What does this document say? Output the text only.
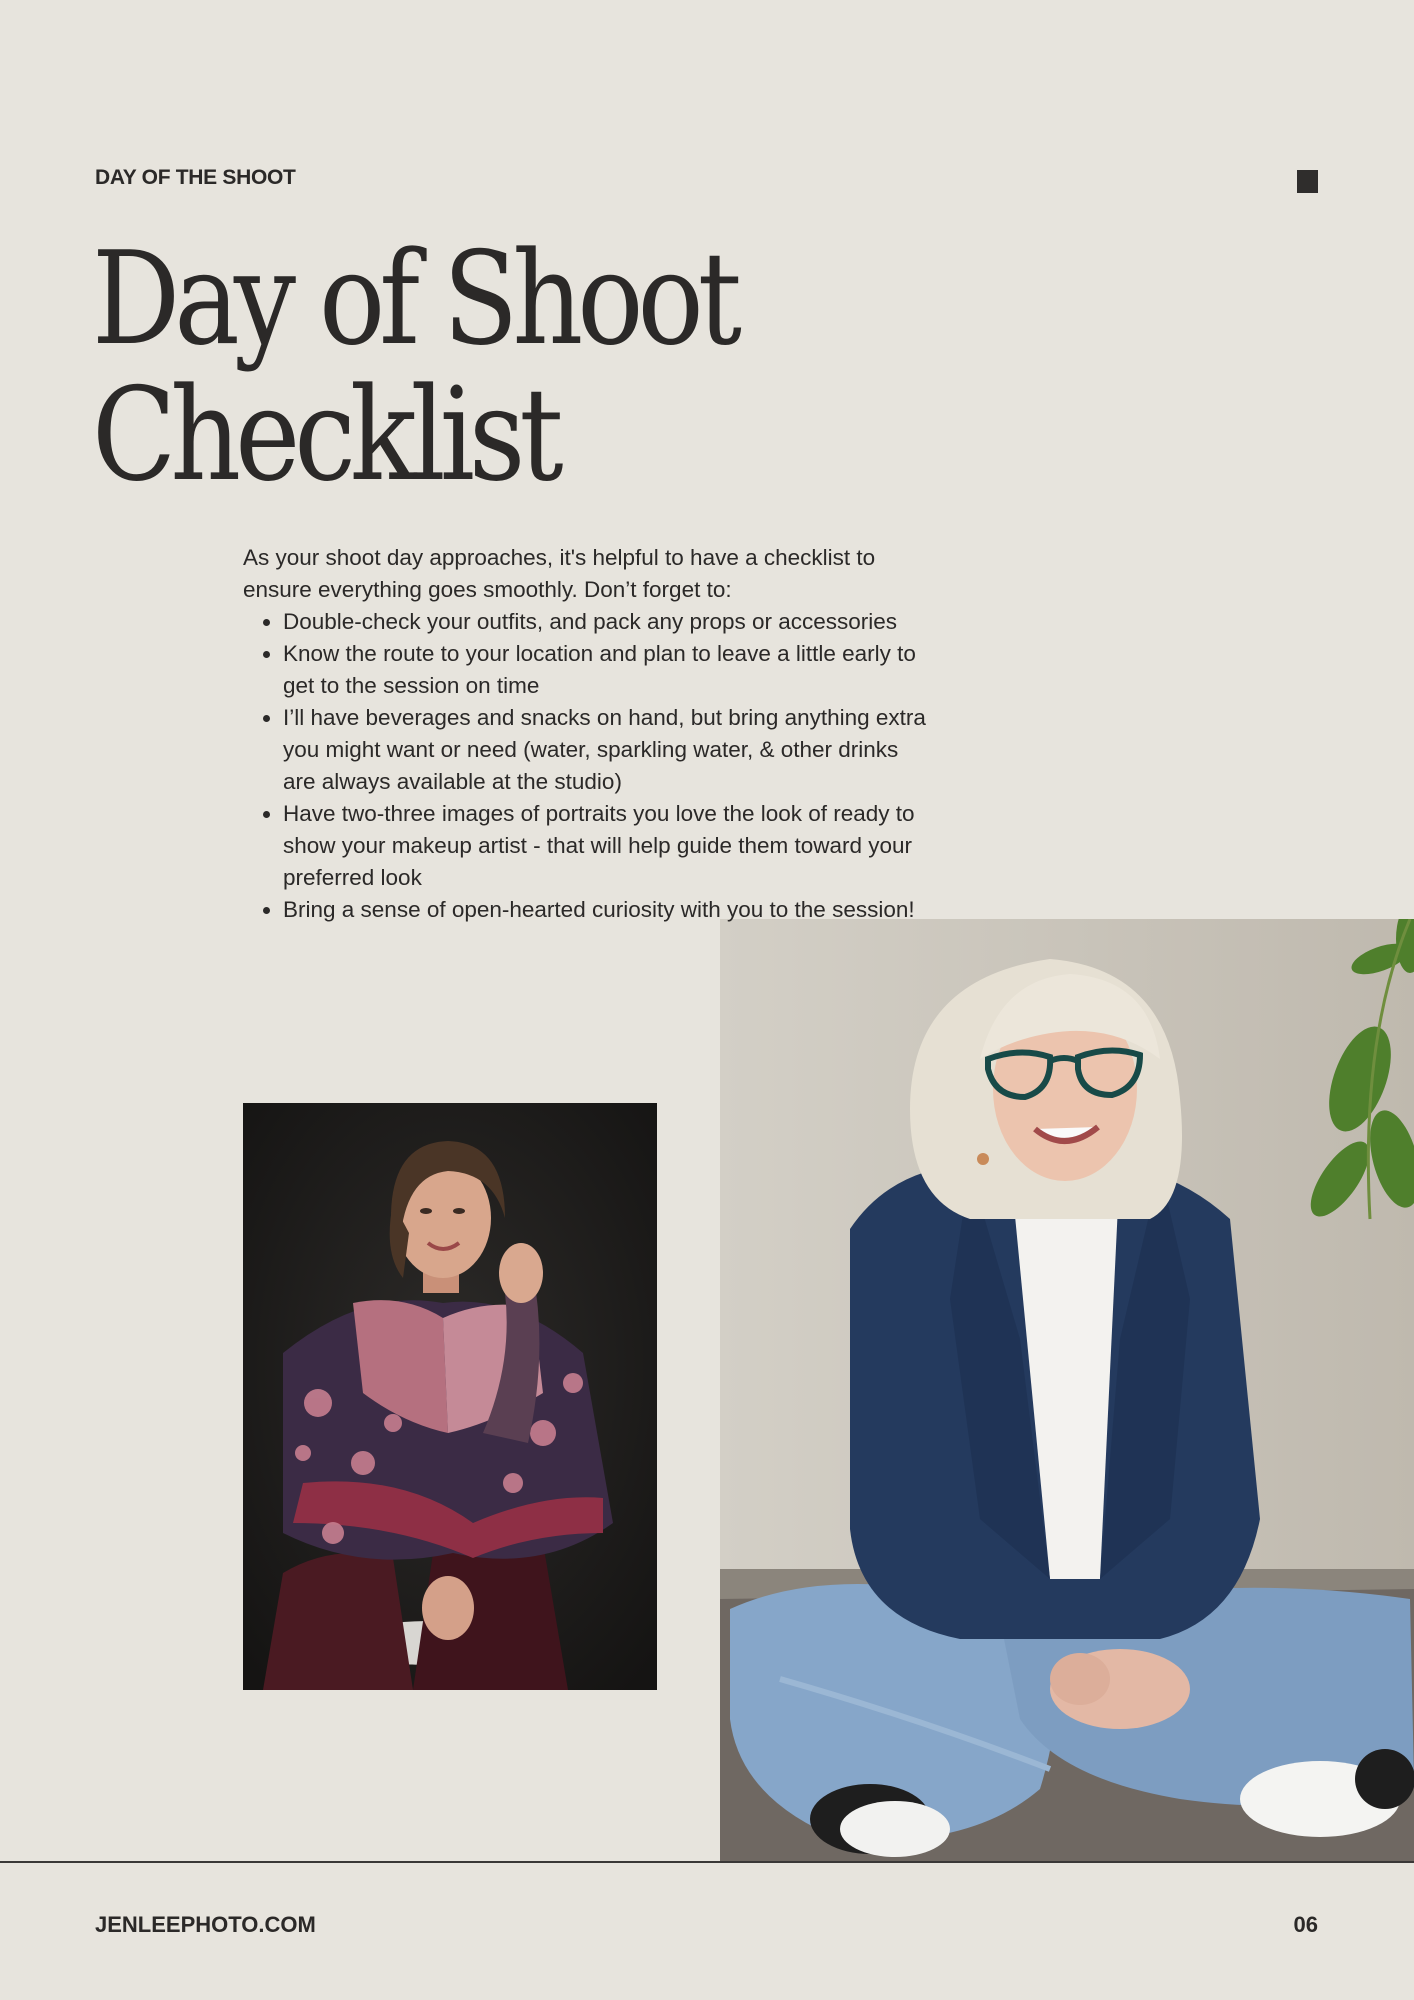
DAY OF THE SHOOT
Day of Shoot
Checklist

As your shoot day approaches, it's helpful to have a checklist to ensure everything goes smoothly. Don’t forget to:

• Double-check your outfits, and pack any props or accessories
• Know the route to your location and plan to leave a little early to get to the session on time
• I’ll have beverages and snacks on hand, but bring anything extra you might want or need (water, sparkling water, & other drinks are always available at the studio)
• Have two-three images of portraits you love the look of ready to show your makeup artist - that will help guide them toward your preferred look
• Bring a sense of open-hearted curiosity with you to the session!
JENLEEPHOTO.COM	06
